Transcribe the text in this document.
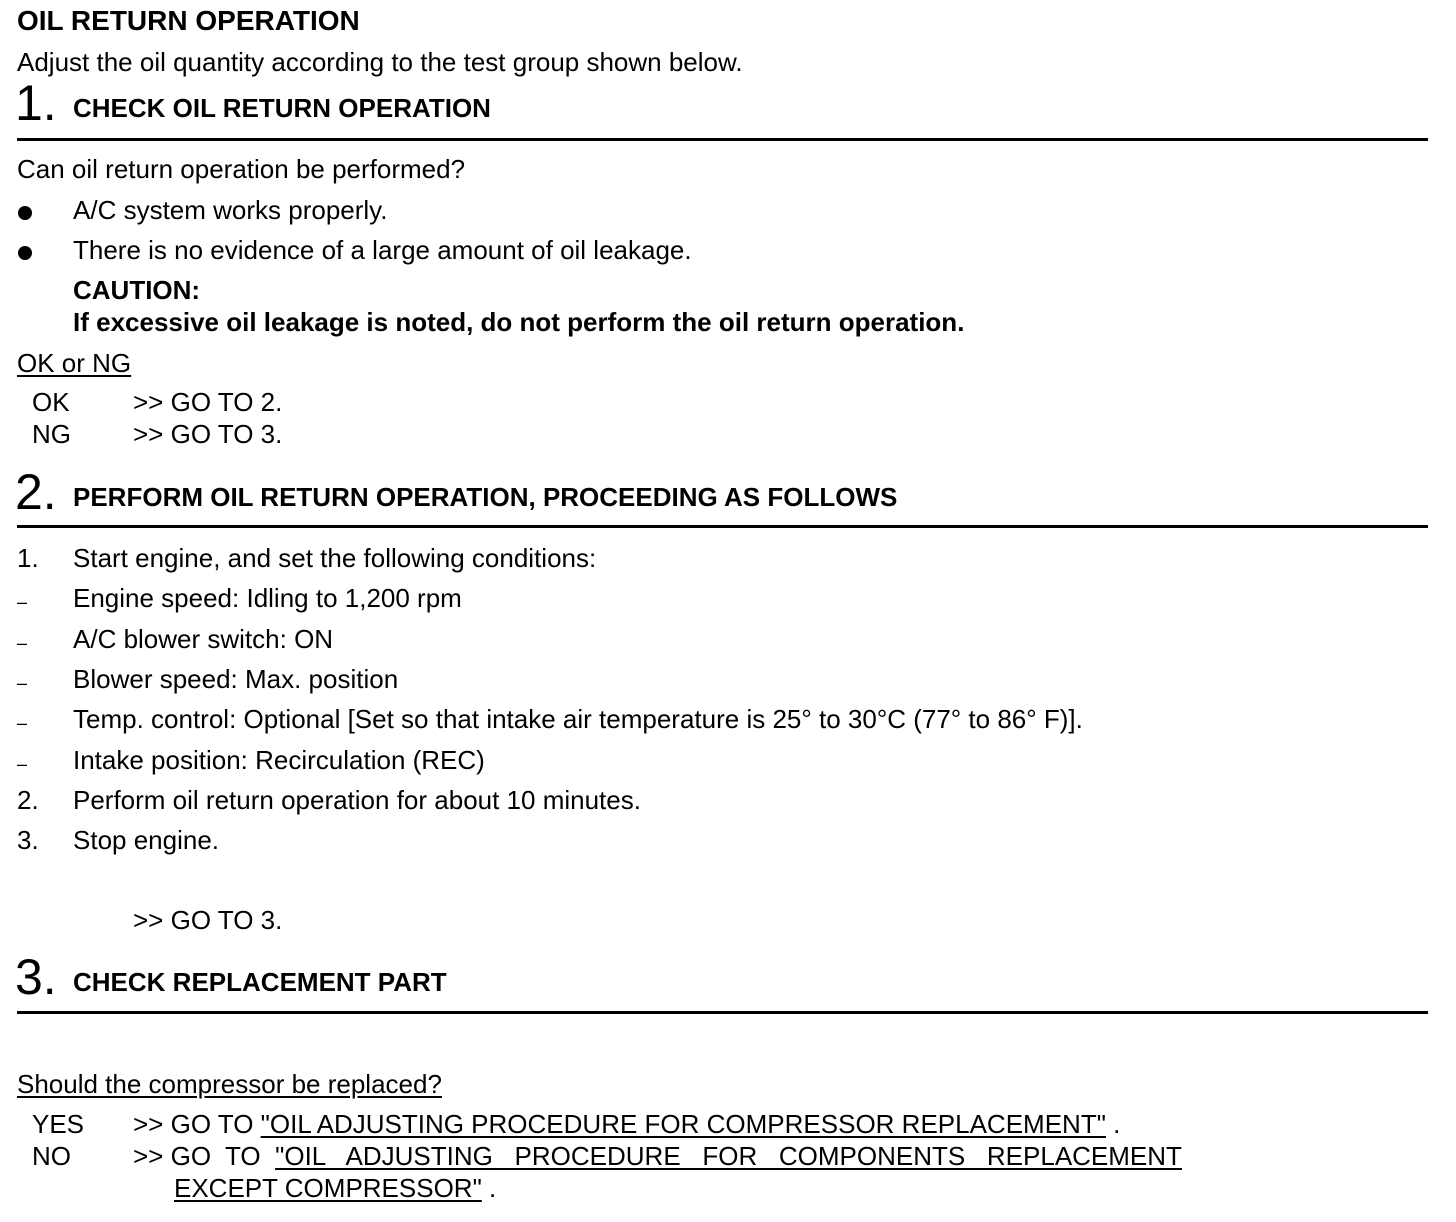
OIL RETURN OPERATION
Adjust the oil quantity according to the test group shown below.
1. CHECK OIL RETURN OPERATION
Can oil return operation be performed?
A/C system works properly.
There is no evidence of a large amount of oil leakage.
CAUTION:
If excessive oil leakage is noted, do not perform the oil return operation.
OK or NG
OK >> GO TO 2.
NG >> GO TO 3.
2. PERFORM OIL RETURN OPERATION, PROCEEDING AS FOLLOWS
1. Start engine, and set the following conditions:
– Engine speed: Idling to 1,200 rpm
– A/C blower switch: ON
– Blower speed: Max. position
– Temp. control: Optional [Set so that intake air temperature is 25° to 30°C (77° to 86° F)].
– Intake position: Recirculation (REC)
2. Perform oil return operation for about 10 minutes.
3. Stop engine.
>> GO TO 3.
3. CHECK REPLACEMENT PART
Should the compressor be replaced?
YES >> GO TO "OIL ADJUSTING PROCEDURE FOR COMPRESSOR REPLACEMENT" .
NO >> GO  TO  "OIL   ADJUSTING   PROCEDURE   FOR   COMPONENTS   REPLACEMENT
EXCEPT COMPRESSOR" .
